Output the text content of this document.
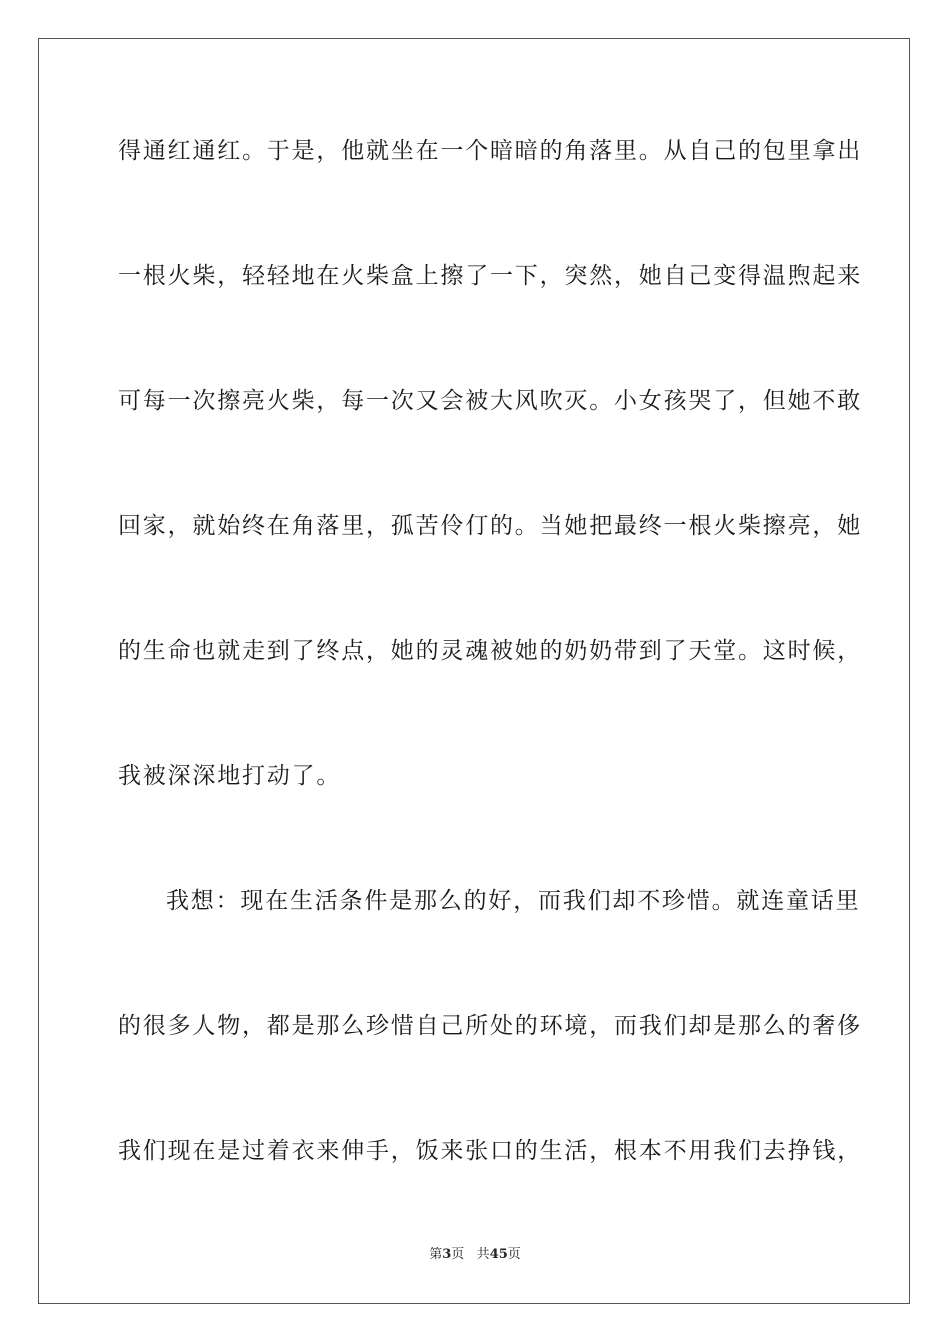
得通红通红。于是，他就坐在一个暗暗的角落里。从自己的包里拿出
一根火柴，轻轻地在火柴盒上擦了一下，突然，她自己变得温煦起来
可每一次擦亮火柴，每一次又会被大风吹灭。小女孩哭了，但她不敢
回家，就始终在角落里，孤苦伶仃的。当她把最终一根火柴擦亮，她
的生命也就走到了终点，她的灵魂被她的奶奶带到了天堂。这时候，
我被深深地打动了。
我想：现在生活条件是那么的好，而我们却不珍惜。就连童话里
的很多人物，都是那么珍惜自己所处的环境，而我们却是那么的奢侈
我们现在是过着衣来伸手，饭来张口的生活，根本不用我们去挣钱，
第3页 共45页
